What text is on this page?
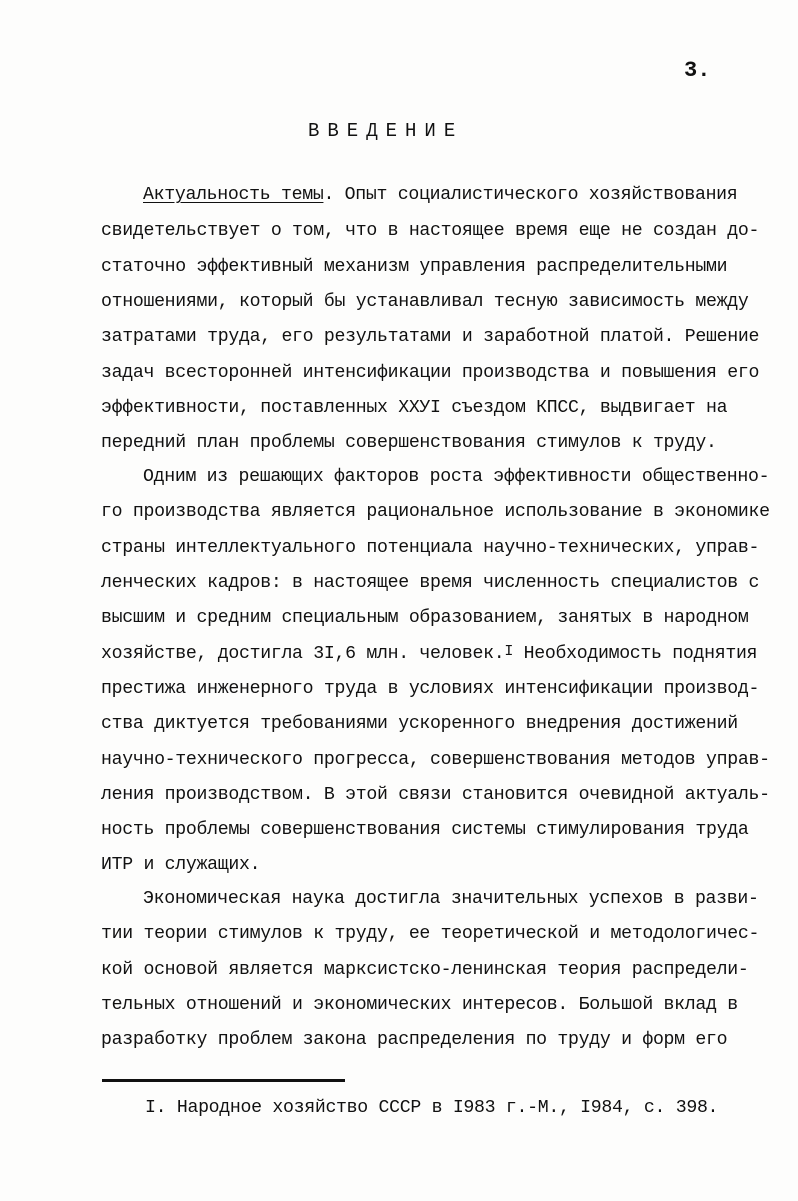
3.
ВВЕДЕНИЕ
Актуальность темы. Опыт социалистического хозяйствования
свидетельствует о том, что в настоящее время еще не создан до-
статочно эффективный механизм управления распределительными
отношениями, который бы устанавливал тесную зависимость между
затратами труда, его результатами и заработной платой. Решение
задач всесторонней интенсификации производства и повышения его
эффективности, поставленных XXУI съездом КПСС, выдвигает на
передний план проблемы совершенствования стимулов к труду.
Одним из решающих факторов роста эффективности общественно-
го производства является рациональное использование в экономике
страны интеллектуального потенциала научно-технических, управ-
ленческих кадров: в настоящее время численность специалистов с
высшим и средним специальным образованием, занятых в народном
хозяйстве, достигла 3I,6 млн. человек.$^I$ Необходимость поднятия
престижа инженерного труда в условиях интенсификации производ-
ства диктуется требованиями ускоренного внедрения достижений
научно-технического прогресса, совершенствования методов управ-
ления производством. В этой связи становится очевидной актуаль-
ность проблемы совершенствования системы стимулирования труда
ИТР и служащих.
Экономическая наука достигла значительных успехов в разви-
тии теории стимулов к труду, ее теоретической и методологичес-
кой основой является марксистско-ленинская теория распредели-
тельных отношений и экономических интересов. Большой вклад в
разработку проблем закона распределения по труду и форм его
I. Народное хозяйство СССР в I983 г.-М., I984, с. 398.
